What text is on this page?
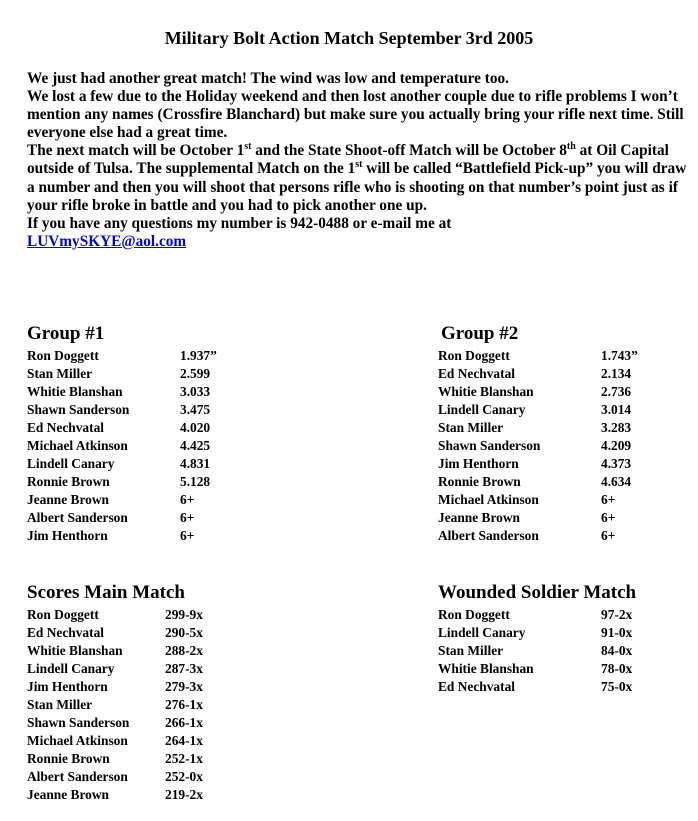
Military Bolt Action Match September 3rd 2005

We just had another great match! The wind was low and temperature too.

We lost a few due to the Holiday weekend and then lost another couple due to rifle problems I won’t mention any names (Crossfire Blanchard) but make sure you actually bring your rifle next time. Still everyone else had a great time.

The next match will be October 1st and the State Shoot-off Match will be October 8th at Oil Capital outside of Tulsa. The supplemental Match on the 1st will be called “Battlefield Pick-up” you will draw a number and then you will shoot that persons rifle who is shooting on that number’s point just as if your rifle broke in battle and you had to pick another one up.

If you have any questions my number is 942-0488 or e-mail me at

LUVmySKYE@aol.com

Group #1
Ron Doggett	1.937”
Stan Miller	2.599
Whitie Blanshan	3.033
Shawn Sanderson	3.475
Ed Nechvatal	4.020
Michael Atkinson	4.425
Lindell Canary	4.831
Ronnie Brown	5.128
Jeanne Brown	6+
Albert Sanderson	6+
Jim Henthorn	6+
Group #2
Ron Doggett	1.743”
Ed Nechvatal	2.134
Whitie Blanshan	2.736
Lindell Canary	3.014
Stan Miller	3.283
Shawn Sanderson	4.209
Jim Henthorn	4.373
Ronnie Brown	4.634
Michael Atkinson	6+
Jeanne Brown	6+
Albert Sanderson	6+
Scores Main Match
Ron Doggett	299-9x
Ed Nechvatal	290-5x
Whitie Blanshan	288-2x
Lindell Canary	287-3x
Jim Henthorn	279-3x
Stan Miller	276-1x
Shawn Sanderson	266-1x
Michael Atkinson	264-1x
Ronnie Brown	252-1x
Albert Sanderson	252-0x
Jeanne Brown	219-2x
Wounded Soldier Match
Ron Doggett	97-2x
Lindell Canary	91-0x
Stan Miller	84-0x
Whitie Blanshan	78-0x
Ed Nechvatal	75-0x
